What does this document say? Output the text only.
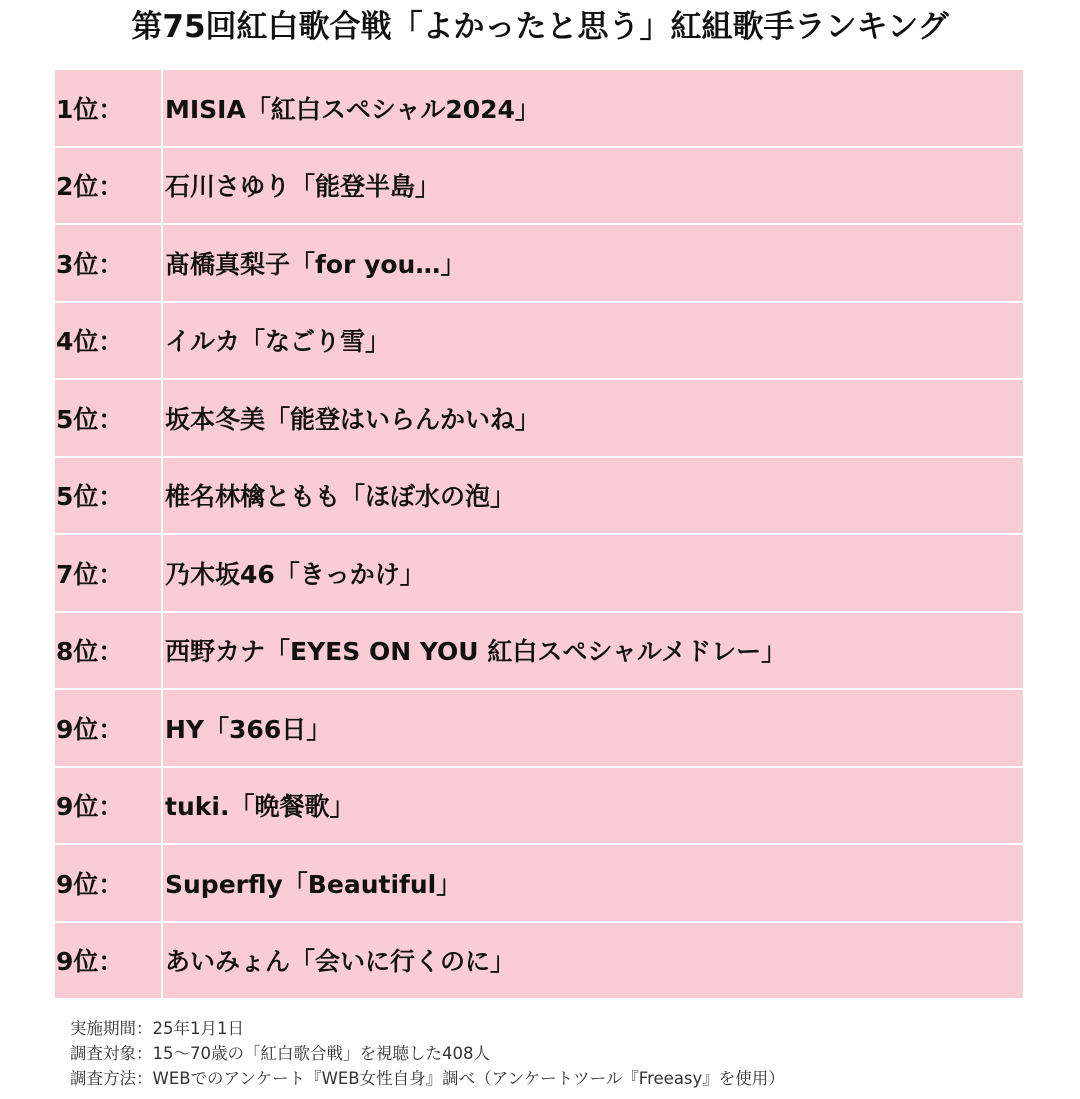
第75回紅白歌合戦「よかったと思う」紅組歌手ランキング
1位：	MISIA「紅白スペシャル2024」
2位：	石川さゆり「能登半島」
3位：	髙橋真梨子「for you…」
4位：	イルカ「なごり雪」
5位：	坂本冬美「能登はいらんかいね」
5位：	椎名林檎ともも「ほぼ水の泡」
7位：	乃木坂46「きっかけ」
8位：	西野カナ「EYES ON YOU 紅白スペシャルメドレー」
9位：	HY「366日」
9位：	tuki.「晩餐歌」
9位：	Superfly「Beautiful」
9位：	あいみょん「会いに行くのに」
実施期間：25年1月1日
調査対象：15〜70歳の「紅白歌合戦」を視聴した408人
調査方法：WEBでのアンケート『WEB女性自身』調べ（アンケートツール『Freeasy』を使用）
